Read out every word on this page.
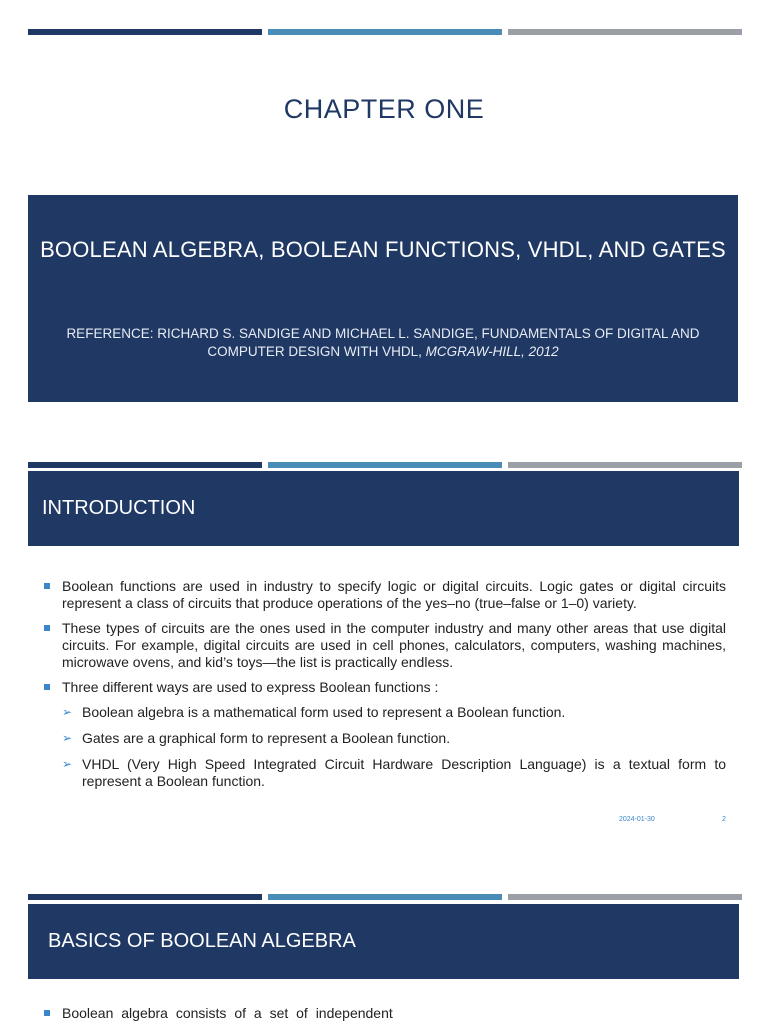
CHAPTER ONE
BOOLEAN ALGEBRA, BOOLEAN FUNCTIONS, VHDL, AND GATES
REFERENCE: RICHARD S. SANDIGE AND MICHAEL L. SANDIGE, FUNDAMENTALS OF DIGITAL AND COMPUTER DESIGN WITH VHDL, MCGRAW-HILL, 2012
INTRODUCTION
Boolean functions are used in industry to specify logic or digital circuits. Logic gates or digital circuits represent a class of circuits that produce operations of the yes–no (true–false or 1–0) variety.
These types of circuits are the ones used in the computer industry and many other areas that use digital circuits. For example, digital circuits are used in cell phones, calculators, computers, washing machines, microwave ovens, and kid’s toys—the list is practically endless.
Three different ways are used to express Boolean functions :
➢ Boolean algebra is a mathematical form used to represent a Boolean function.
➢ Gates are a graphical form to represent a Boolean function.
➢ VHDL (Very High Speed Integrated Circuit Hardware Description Language) is a textual form to represent a Boolean function.
2024-01-30	2
BASICS OF BOOLEAN ALGEBRA
Boolean algebra consists of a set of independent
